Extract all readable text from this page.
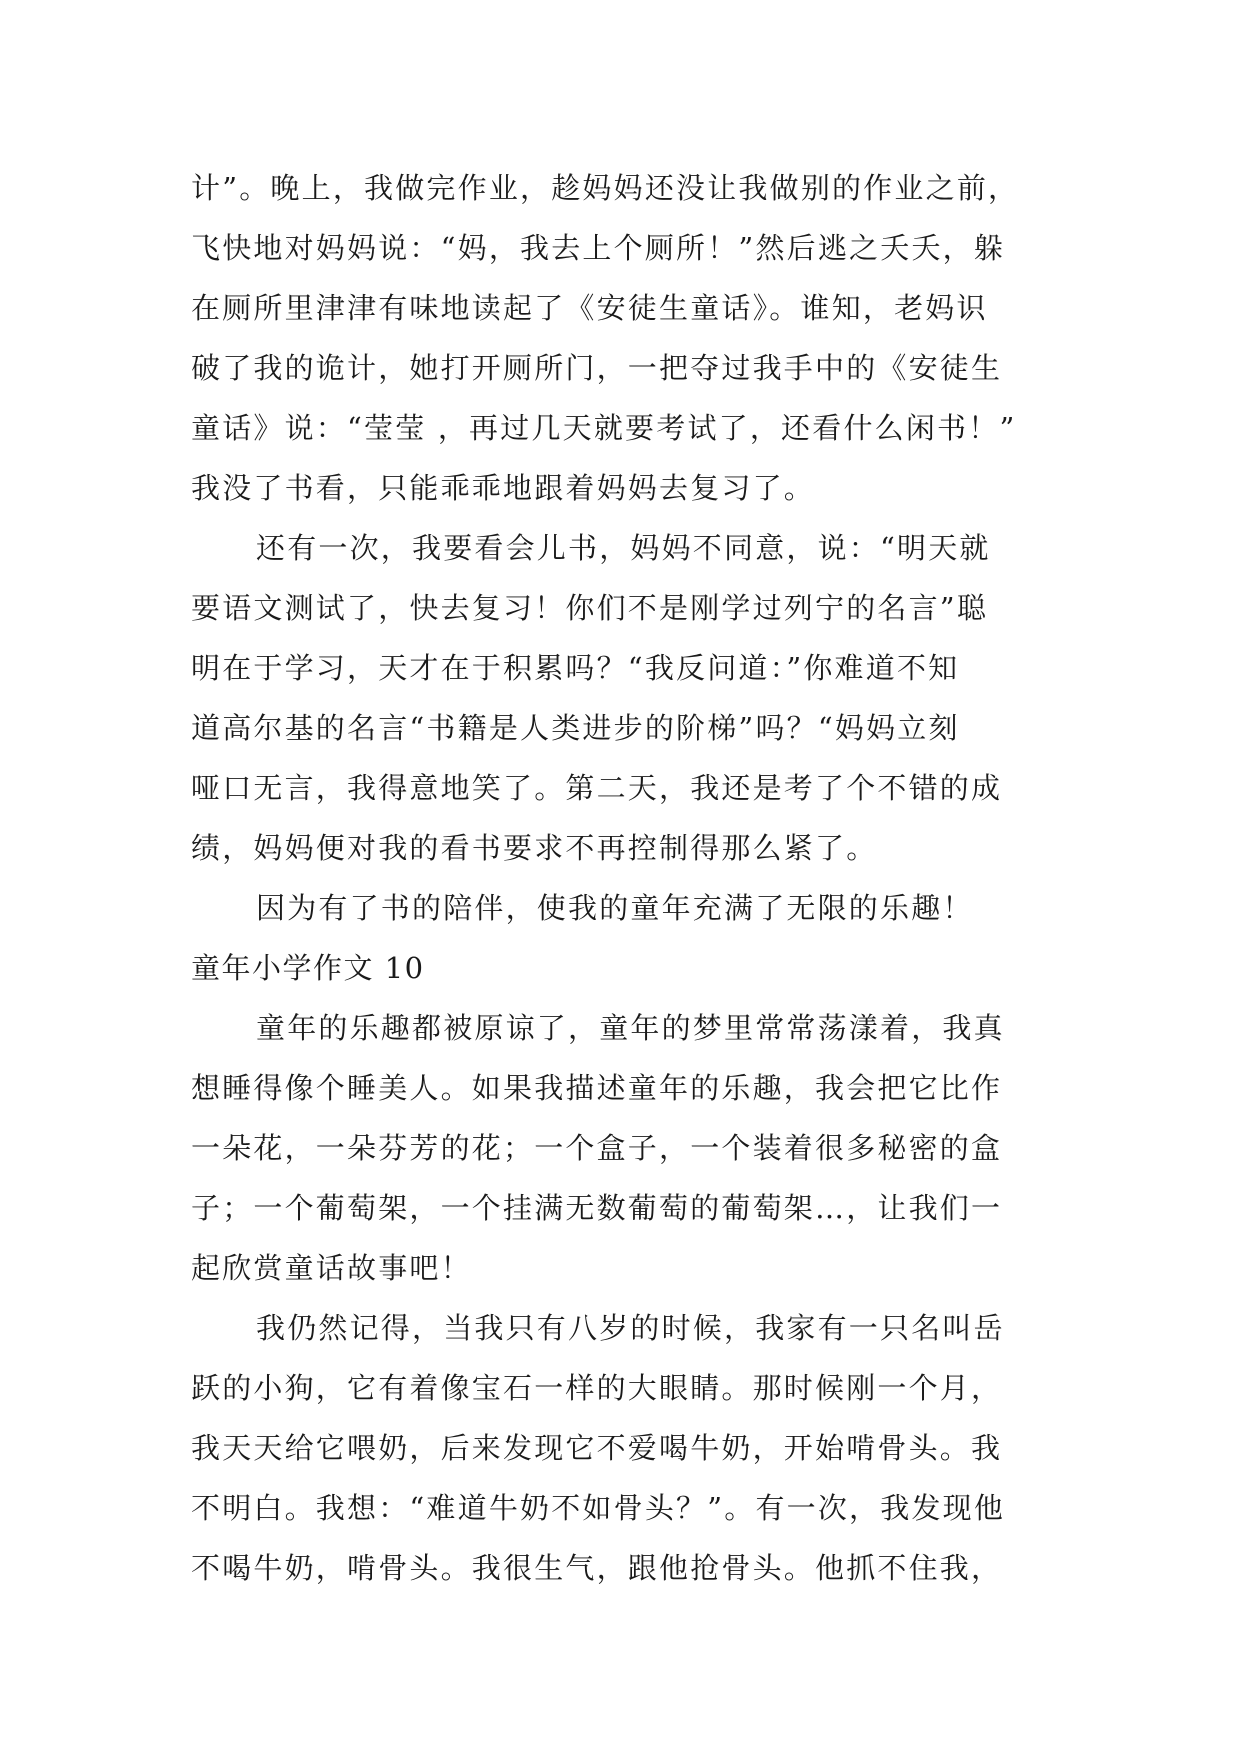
计”。晚上，我做完作业，趁妈妈还没让我做别的作业之前，
飞快地对妈妈说：“妈，我去上个厕所！”然后逃之夭夭，躲
在厕所里津津有味地读起了《安徒生童话》。谁知，老妈识
破了我的诡计，她打开厕所门，一把夺过我手中的《安徒生
童话》说：“莹莹 ，再过几天就要考试了，还看什么闲书！”
我没了书看，只能乖乖地跟着妈妈去复习了。
还有一次，我要看会儿书，妈妈不同意，说：“明天就
要语文测试了，快去复习！你们不是刚学过列宁的名言”聪
明在于学习，天才在于积累吗？“我反问道：”你难道不知
道高尔基的名言“书籍是人类进步的阶梯”吗？“妈妈立刻
哑口无言，我得意地笑了。第二天，我还是考了个不错的成
绩，妈妈便对我的看书要求不再控制得那么紧了。
因为有了书的陪伴，使我的童年充满了无限的乐趣！
童年小学作文 10
童年的乐趣都被原谅了，童年的梦里常常荡漾着，我真
想睡得像个睡美人。如果我描述童年的乐趣，我会把它比作
一朵花，一朵芬芳的花；一个盒子，一个装着很多秘密的盒
子；一个葡萄架，一个挂满无数葡萄的葡萄架…，让我们一
起欣赏童话故事吧！
我仍然记得，当我只有八岁的时候，我家有一只名叫岳
跃的小狗，它有着像宝石一样的大眼睛。那时候刚一个月，
我天天给它喂奶，后来发现它不爱喝牛奶，开始啃骨头。我
不明白。我想：“难道牛奶不如骨头？”。有一次，我发现他
不喝牛奶，啃骨头。我很生气，跟他抢骨头。他抓不住我，
